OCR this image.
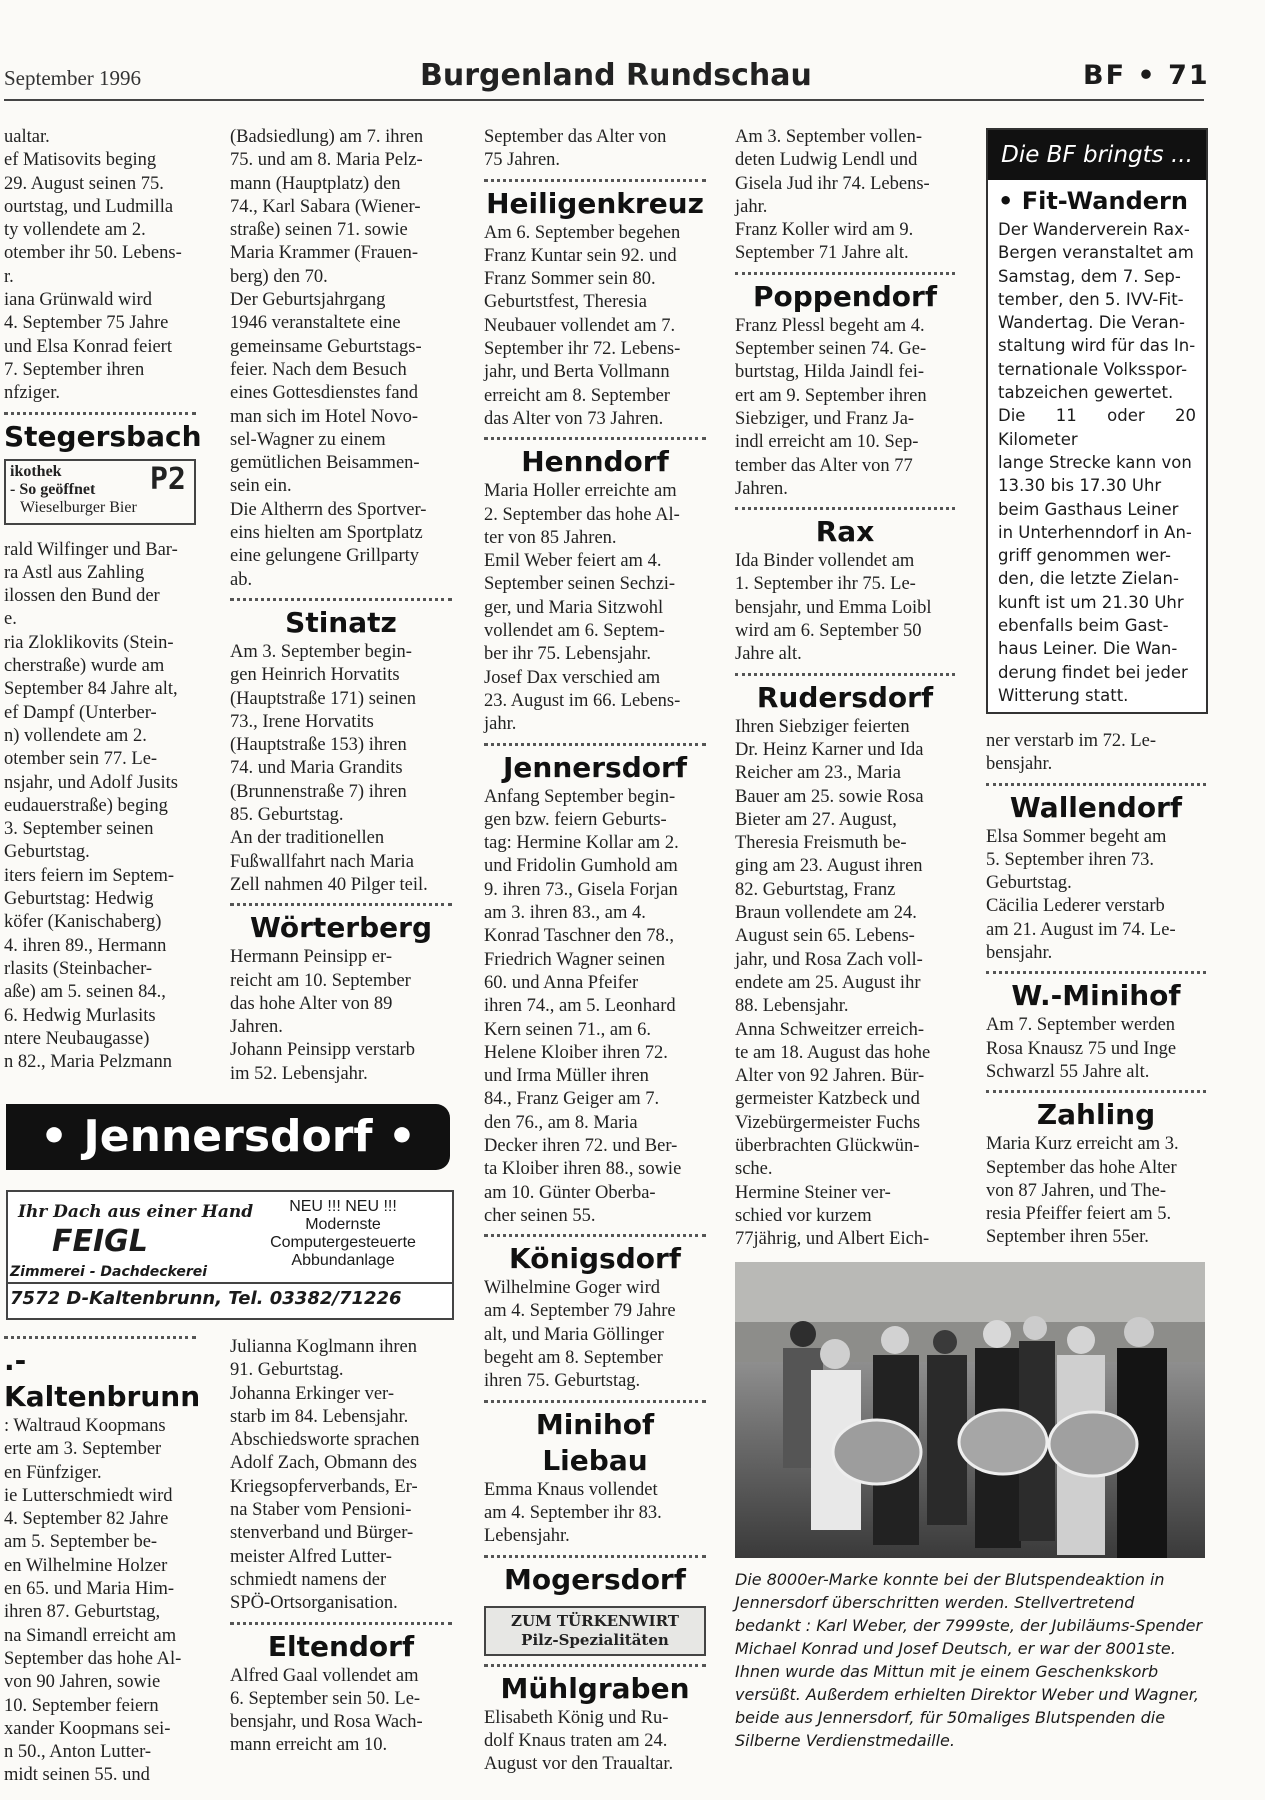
September 1996	Burgenland Rundschau	BF • 71
ualtar.
ef Matisovits beging
29. August seinen 75.
ourtstag, und Ludmilla
ty vollendete am 2.
otember ihr 50. Lebens-
r.
iana Grünwald wird
4. September 75 Jahre
und Elsa Konrad feiert
7. September ihren
nfziger.
Stegersbach
ikothek
- So geöffnet
Wieselburger Bier
P2
rald Wilfinger und Bar-
ra Astl aus Zahling
ilossen den Bund der
e.
ria Zloklikovits (Stein-
cherstraße) wurde am
September 84 Jahre alt,
ef Dampf (Unterber-
n) vollendete am 2.
otember sein 77. Le-
nsjahr, und Adolf Jusits
eudauerstraße) beging
3. September seinen
Geburtstag.
iters feiern im Septem-
Geburtstag: Hedwig
köfer (Kanischaberg)
4. ihren 89., Hermann
rlasits (Steinbacher-
aße) am 5. seinen 84.,
6. Hedwig Murlasits
ntere Neubaugasse)
n 82., Maria Pelzmann
(Badsiedlung) am 7. ihren
75. und am 8. Maria Pelz-
mann (Hauptplatz) den
74., Karl Sabara (Wiener-
straße) seinen 71. sowie
Maria Krammer (Frauen-
berg) den 70.
Der Geburtsjahrgang
1946 veranstaltete eine
gemeinsame Geburtstags-
feier. Nach dem Besuch
eines Gottesdienstes fand
man sich im Hotel Novo-
sel-Wagner zu einem
gemütlichen Beisammen-
sein ein.
Die Altherrn des Sportver-
eins hielten am Sportplatz
eine gelungene Grillparty
ab.
Stinatz
Am 3. September begin-
gen Heinrich Horvatits
(Hauptstraße 171) seinen
73., Irene Horvatits
(Hauptstraße 153) ihren
74. und Maria Grandits
(Brunnenstraße 7) ihren
85. Geburtstag.
An der traditionellen
Fußwallfahrt nach Maria
Zell nahmen 40 Pilger teil.
Wörterberg
Hermann Peinsipp er-
reicht am 10. September
das hohe Alter von 89
Jahren.
Johann Peinsipp verstarb
im 52. Lebensjahr.
September das Alter von
75 Jahren.
Heiligenkreuz
Am 6. September begehen
Franz Kuntar sein 92. und
Franz Sommer sein 80.
Geburtstfest, Theresia
Neubauer vollendet am 7.
September ihr 72. Lebens-
jahr, und Berta Vollmann
erreicht am 8. September
das Alter von 73 Jahren.
Henndorf
Maria Holler erreichte am
2. September das hohe Al-
ter von 85 Jahren.
Emil Weber feiert am 4.
September seinen Sechzi-
ger, und Maria Sitzwohl
vollendet am 6. Septem-
ber ihr 75. Lebensjahr.
Josef Dax verschied am
23. August im 66. Lebens-
jahr.
Jennersdorf
Anfang September begin-
gen bzw. feiern Geburts-
tag: Hermine Kollar am 2.
und Fridolin Gumhold am
9. ihren 73., Gisela Forjan
am 3. ihren 83., am 4.
Konrad Taschner den 78.,
Friedrich Wagner seinen
60. und Anna Pfeifer
ihren 74., am 5. Leonhard
Kern seinen 71., am 6.
Helene Kloiber ihren 72.
und Irma Müller ihren
84., Franz Geiger am 7.
den 76., am 8. Maria
Decker ihren 72. und Ber-
ta Kloiber ihren 88., sowie
am 10. Günter Oberba-
cher seinen 55.
Königsdorf
Wilhelmine Goger wird
am 4. September 79 Jahre
alt, und Maria Göllinger
begeht am 8. September
ihren 75. Geburtstag.
Minihof Liebau
Emma Knaus vollendet
am 4. September ihr 83.
Lebensjahr.
Mogersdorf
ZUM TÜRKENWIRT
Pilz-Spezialitäten
Mühlgraben
Elisabeth König und Ru-
dolf Knaus traten am 24.
August vor den Traualtar.
Am 3. September vollen-
deten Ludwig Lendl und
Gisela Jud ihr 74. Lebens-
jahr.
Franz Koller wird am 9.
September 71 Jahre alt.
Poppendorf
Franz Plessl begeht am 4.
September seinen 74. Ge-
burtstag, Hilda Jaindl fei-
ert am 9. September ihren
Siebziger, und Franz Ja-
indl erreicht am 10. Sep-
tember das Alter von 77
Jahren.
Rax
Ida Binder vollendet am
1. September ihr 75. Le-
bensjahr, und Emma Loibl
wird am 6. September 50
Jahre alt.
Rudersdorf
Ihren Siebziger feierten
Dr. Heinz Karner und Ida
Reicher am 23., Maria
Bauer am 25. sowie Rosa
Bieter am 27. August,
Theresia Freismuth be-
ging am 23. August ihren
82. Geburtstag, Franz
Braun vollendete am 24.
August sein 65. Lebens-
jahr, und Rosa Zach voll-
endete am 25. August ihr
88. Lebensjahr.
Anna Schweitzer erreich-
te am 18. August das hohe
Alter von 92 Jahren. Bür-
germeister Katzbeck und
Vizebürgermeister Fuchs
überbrachten Glückwün-
sche.
Hermine Steiner ver-
schied vor kurzem
77jährig, und Albert Eich-
Die BF bringts ...
• Fit-Wandern
Der Wanderverein Rax-
Bergen veranstaltet am
Samstag, dem 7. Sep-
tember, den 5. IVV-Fit-
Wandertag. Die Veran-
staltung wird für das In-
ternationale Volksspor-
tabzeichen gewertet.
Die 11 oder 20 Kilometer
lange Strecke kann von
13.30 bis 17.30 Uhr
beim Gasthaus Leiner
in Unterhenndorf in An-
griff genommen wer-
den, die letzte Zielan-
kunft ist um 21.30 Uhr
ebenfalls beim Gast-
haus Leiner. Die Wan-
derung findet bei jeder
Witterung statt.
ner verstarb im 72. Le-
bensjahr.
Wallendorf
Elsa Sommer begeht am
5. September ihren 73.
Geburtstag.
Cäcilia Lederer verstarb
am 21. August im 74. Le-
bensjahr.
W.-Minihof
Am 7. September werden
Rosa Knausz 75 und Inge
Schwarzl 55 Jahre alt.
Zahling
Maria Kurz erreicht am 3.
September das hohe Alter
von 87 Jahren, und The-
resia Pfeiffer feiert am 5.
September ihren 55er.
• Jennersdorf •
Ihr Dach aus einer Hand
FEIGL
Zimmerei - Dachdeckerei
NEU !!! NEU !!!
Modernste
Computergesteuerte
Abbundanlage
7572 D-Kaltenbrunn, Tel. 03382/71226
.-Kaltenbrunn
: Waltraud Koopmans
erte am 3. September
en Fünfziger.
ie Lutterschmiedt wird
4. September 82 Jahre
am 5. September be-
en Wilhelmine Holzer
en 65. und Maria Him-
ihren 87. Geburtstag,
na Simandl erreicht am
September das hohe Al-
von 90 Jahren, sowie
10. September feiern
xander Koopmans sei-
n 50., Anton Lutter-
midt seinen 55. und
Julianna Koglmann ihren
91. Geburtstag.
Johanna Erkinger ver-
starb im 84. Lebensjahr.
Abschiedsworte sprachen
Adolf Zach, Obmann des
Kriegsopferverbands, Er-
na Staber vom Pensioni-
stenverband und Bürger-
meister Alfred Lutter-
schmiedt namens der
SPÖ-Ortsorganisation.
Eltendorf
Alfred Gaal vollendet am
6. September sein 50. Le-
bensjahr, und Rosa Wach-
mann erreicht am 10.
Die 8000er-Marke konnte bei der Blutspendeaktion in Jennersdorf überschritten werden. Stellvertretend bedankt : Karl Weber, der 7999ste, der Jubiläums-Spender Michael Konrad und Josef Deutsch, er war der 8001ste. Ihnen wurde das Mittun mit je einem Geschenkskorb versüßt. Außerdem erhielten Direktor Weber und Wagner, beide aus Jennersdorf, für 50maliges Blutspenden die Silberne Verdienstmedaille.
